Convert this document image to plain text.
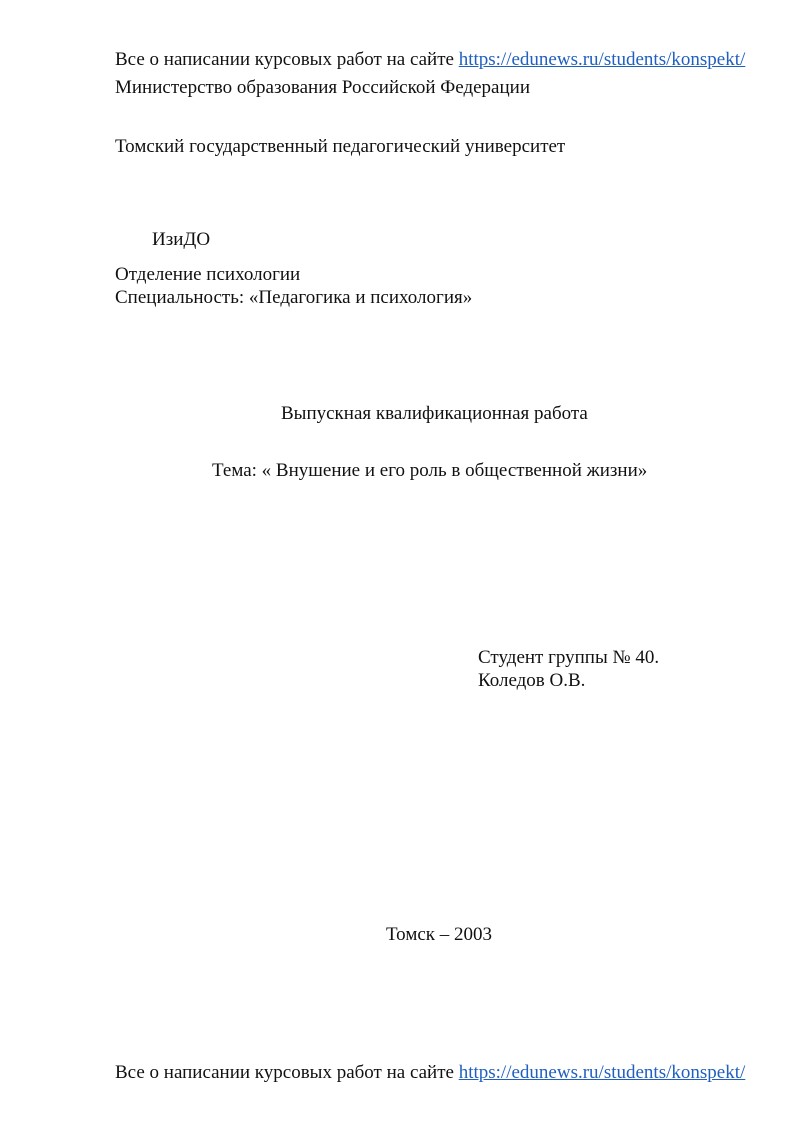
Все о написании курсовых работ на сайте https://edunews.ru/students/konspekt/
Министерство образования Российской Федерации
Томский государственный педагогический университет
ИзиДО
Отделение психологии
Специальность: «Педагогика и психология»
Выпускная квалификационная работа
Тема: « Внушение и его роль в общественной жизни»
Студент группы № 40.
Коледов О.В.
Томск – 2003
Все о написании курсовых работ на сайте https://edunews.ru/students/konspekt/
